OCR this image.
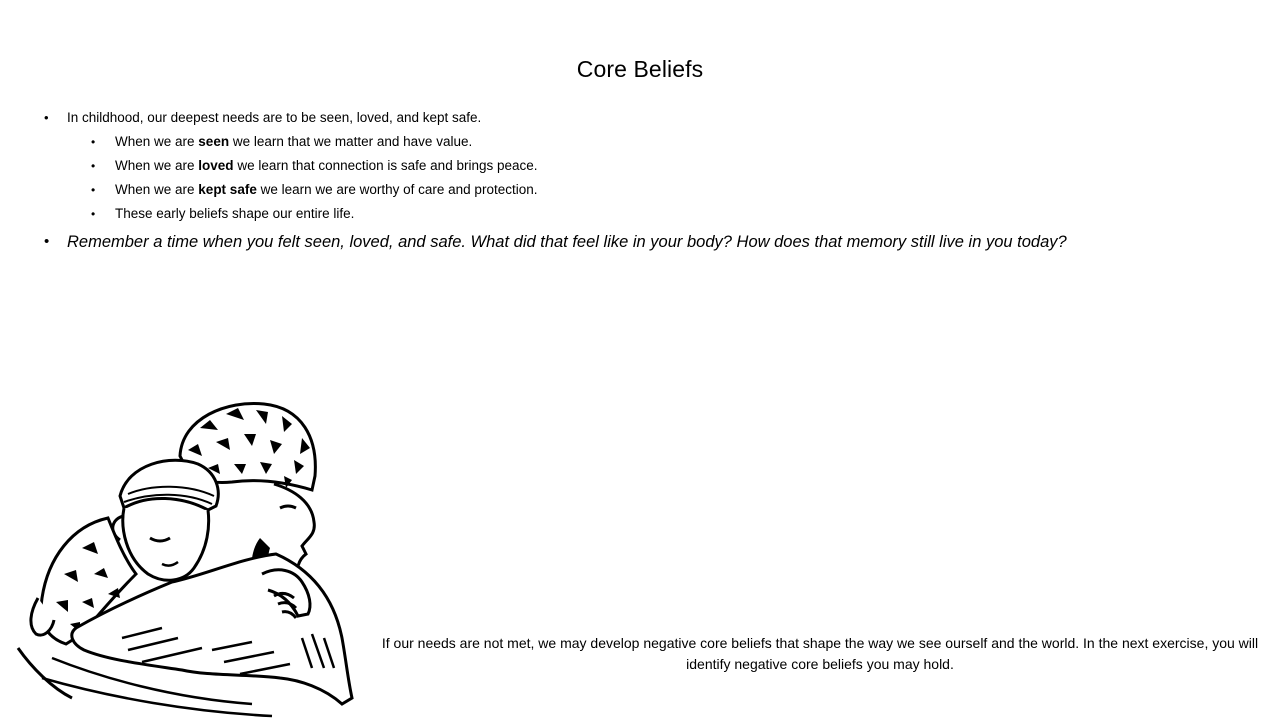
Core Beliefs
• In childhood, our deepest needs are to be seen, loved, and kept safe.
• When we are seen we learn that we matter and have value.
• When we are loved we learn that connection is safe and brings peace.
• When we are kept safe we learn we are worthy of care and protection.
• These early beliefs shape our entire life.
• Remember a time when you felt seen, loved, and safe. What did that feel like in your body? How does that memory still live in you today?
If our needs are not met, we may develop negative core beliefs that shape the way we see ourself and the world. In the next exercise, you will identify negative core beliefs you may hold.
